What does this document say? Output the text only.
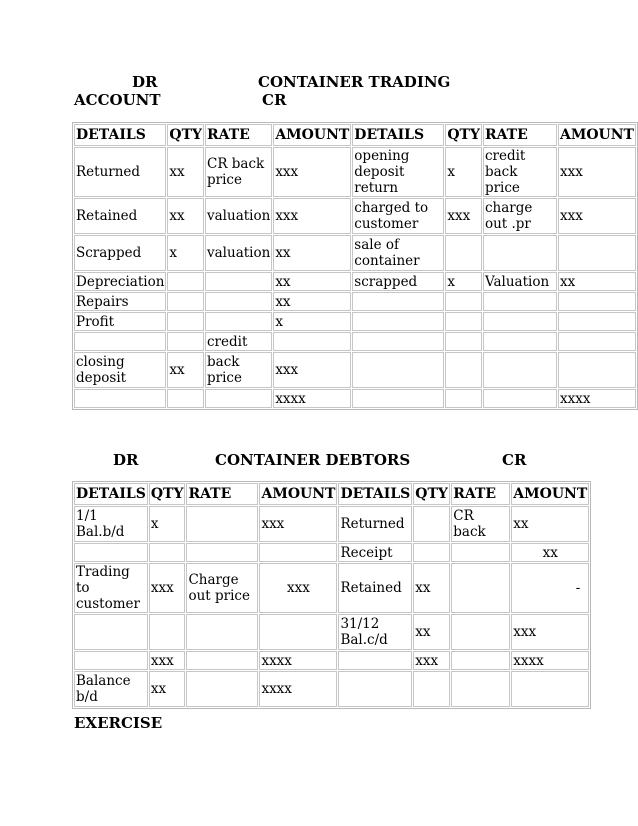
DR
ACCOUNT
CONTAINER TRADING
CR
DETAILS	QTY	RATE	AMOUNT	DETAILS	QTY	RATE	AMOUNT
Returned	xx	CR back price	xxx	opening deposit return	x	credit back price	xxx
Retained	xx	valuation	xxx	charged to customer	xxx	charge out .pr	xxx
Scrapped	x	valuation	xx	sale of container			
Depreciation			xx	scrapped	x	Valuation	xx
Repairs			xx				
Profit			x				
		credit					
closing deposit	xx	back price	xxx				
			xxxx				xxxx
DR	CONTAINER DEBTORS	CR
DETAILS	QTY	RATE	AMOUNT	DETAILS	QTY	RATE	AMOUNT
1/1 Bal.b/d	x		xxx	Returned		CR back	xx
				Receipt			xx
Trading to customer	xxx	Charge out price	xxx	Retained	xx		-
				31/12 Bal.c/d	xx		xxx
	xxx		xxxx		xxx		xxxx
Balance b/d	xx		xxxx				
EXERCISE
